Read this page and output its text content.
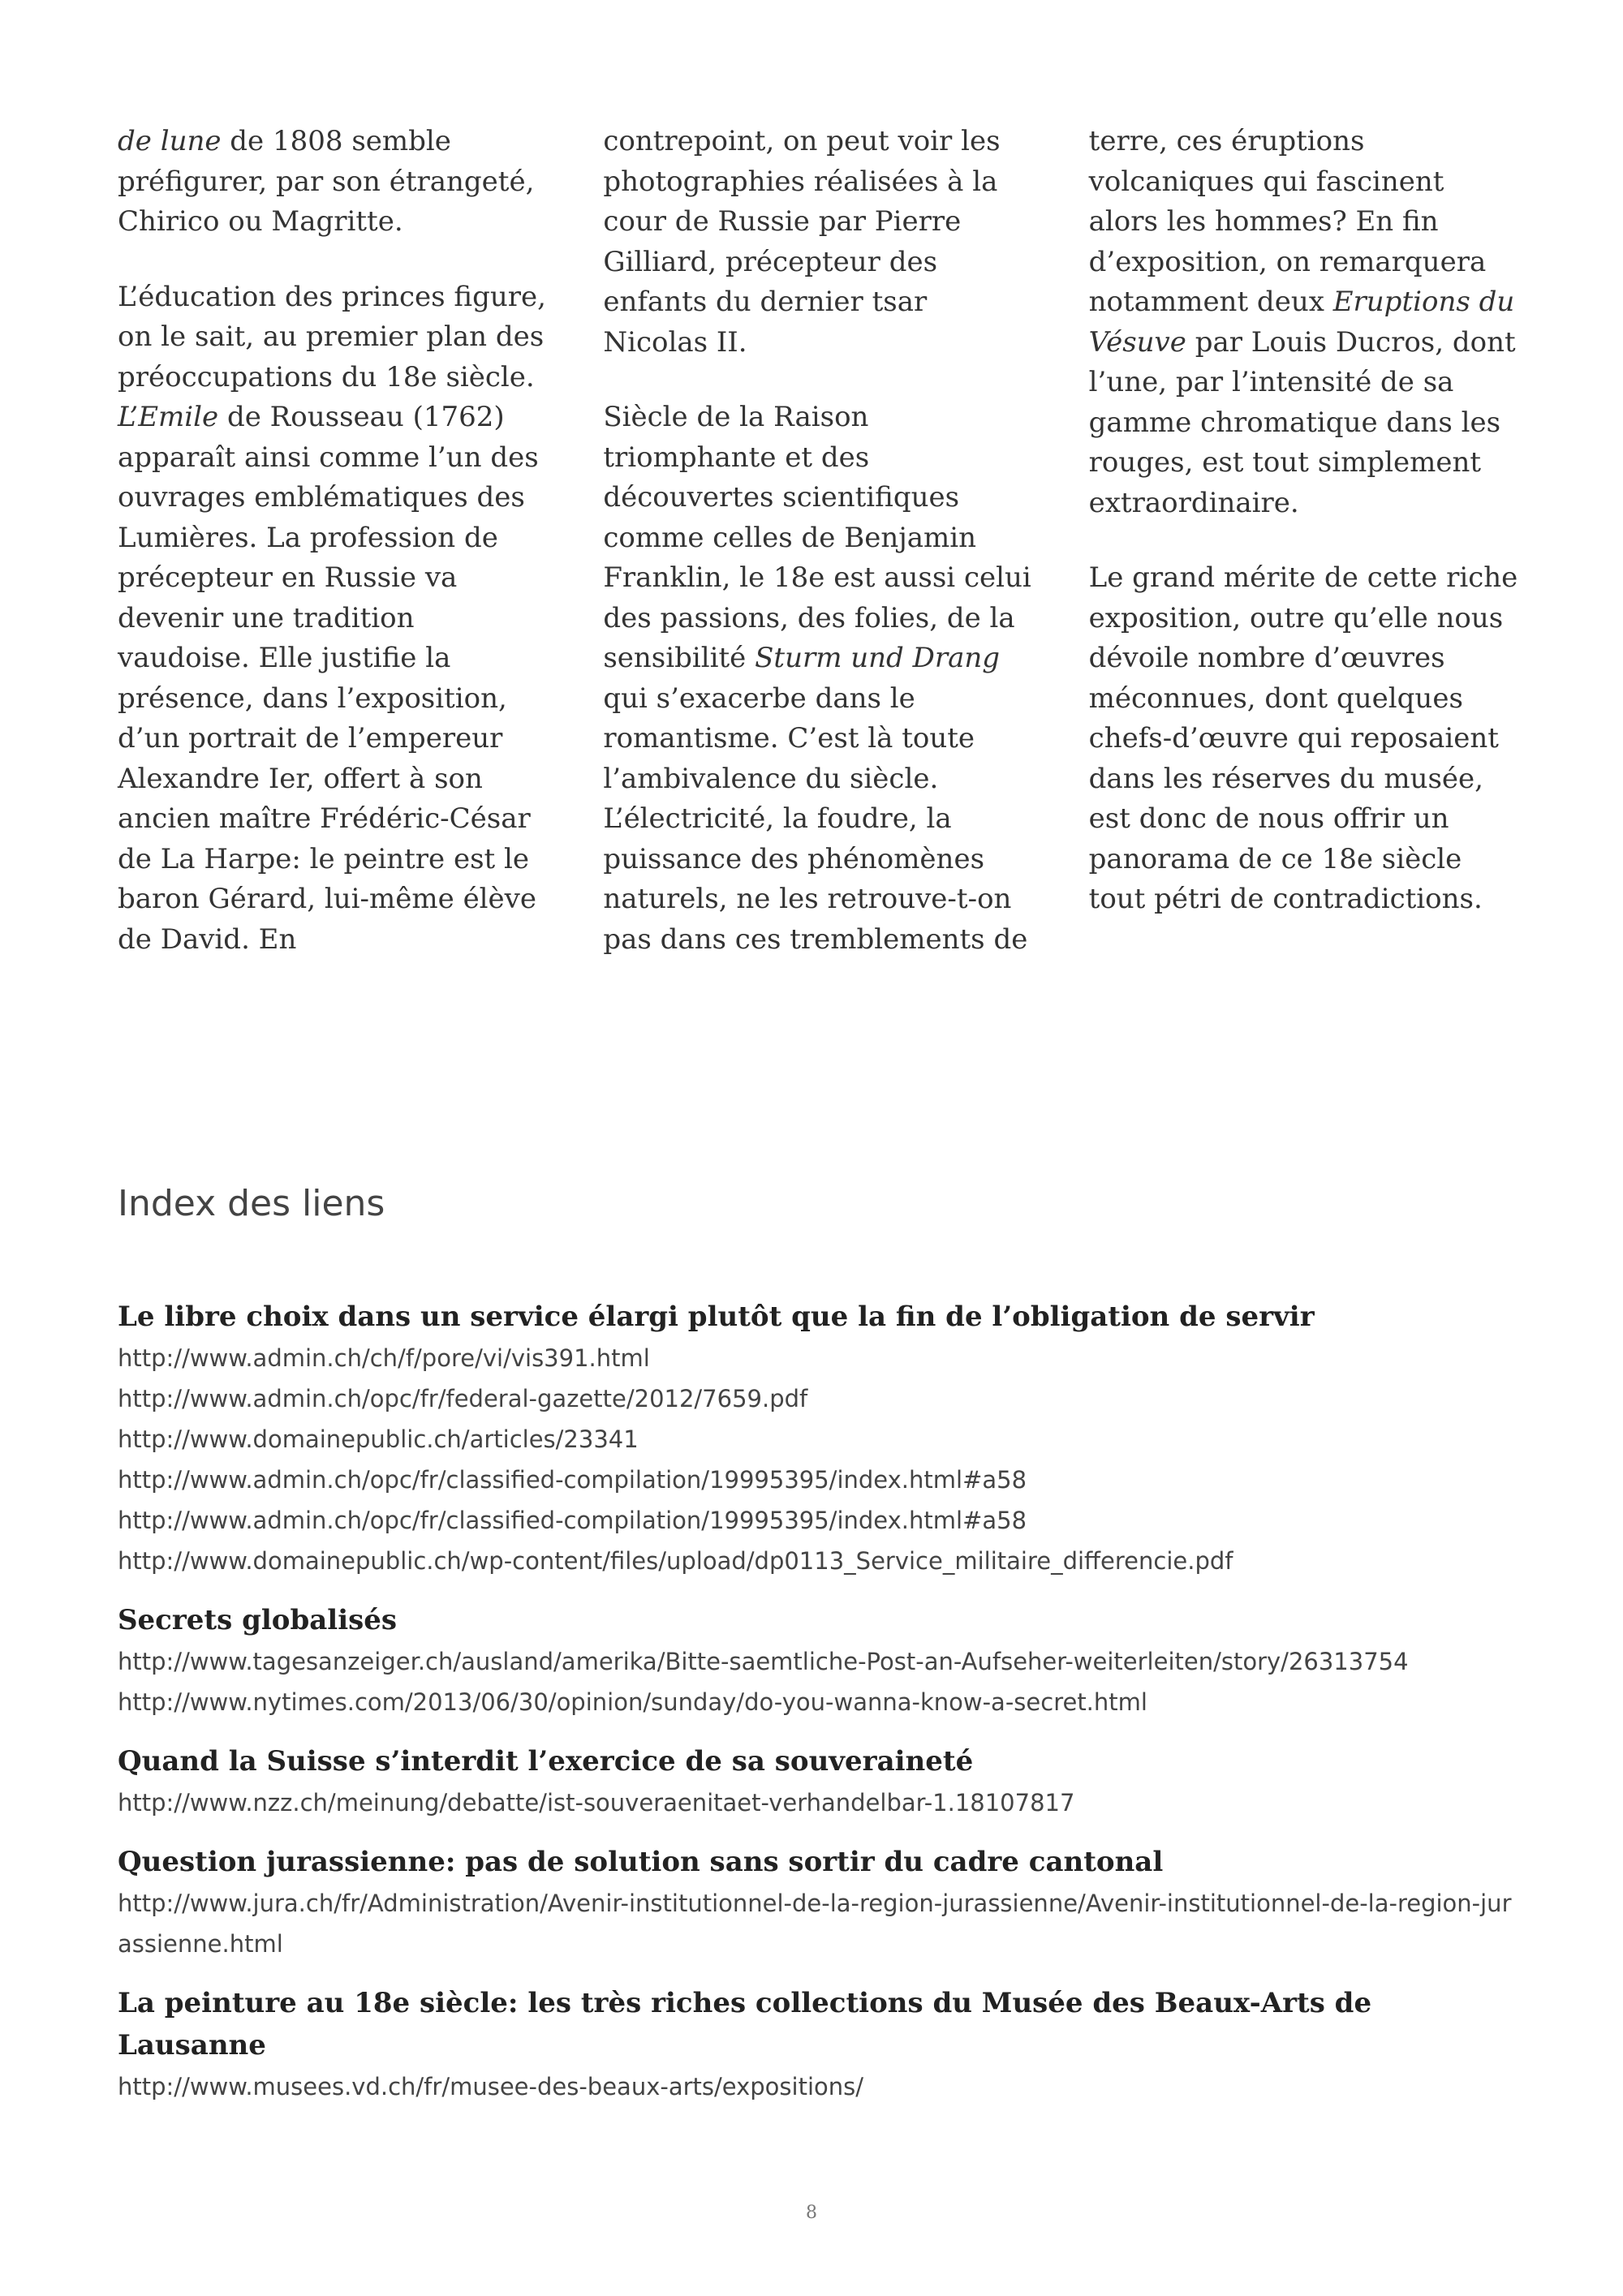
de lune de 1808 semble préfigurer, par son étrangeté, Chirico ou Magritte.

L’éducation des princes figure, on le sait, au premier plan des préoccupations du 18e siècle. L’Emile de Rousseau (1762) apparaît ainsi comme l’un des ouvrages emblématiques des Lumières. La profession de précepteur en Russie va devenir une tradition vaudoise. Elle justifie la présence, dans l’exposition, d’un portrait de l’empereur Alexandre Ier, offert à son ancien maître Frédéric-César de La Harpe: le peintre est le baron Gérard, lui-même élève de David. En

contrepoint, on peut voir les photographies réalisées à la cour de Russie par Pierre Gilliard, précepteur des enfants du dernier tsar Nicolas II.

Siècle de la Raison triomphante et des découvertes scientifiques comme celles de Benjamin Franklin, le 18e est aussi celui des passions, des folies, de la sensibilité Sturm und Drang qui s’exacerbe dans le romantisme. C’est là toute l’ambivalence du siècle. L’électricité, la foudre, la puissance des phénomènes naturels, ne les retrouve-t-on pas dans ces tremblements de

terre, ces éruptions volcaniques qui fascinent alors les hommes? En fin d’exposition, on remarquera notamment deux Eruptions du Vésuve par Louis Ducros, dont l’une, par l’intensité de sa gamme chromatique dans les rouges, est tout simplement extraordinaire.

Le grand mérite de cette riche exposition, outre qu’elle nous dévoile nombre d’œuvres méconnues, dont quelques chefs-d’œuvre qui reposaient dans les réserves du musée, est donc de nous offrir un panorama de ce 18e siècle tout pétri de contradictions.

Index des liens
Le libre choix dans un service élargi plutôt que la fin de l’obligation de servir
http://www.admin.ch/ch/f/pore/vi/vis391.html
http://www.admin.ch/opc/fr/federal-gazette/2012/7659.pdf
http://www.domainepublic.ch/articles/23341
http://www.admin.ch/opc/fr/classified-compilation/19995395/index.html#a58
http://www.admin.ch/opc/fr/classified-compilation/19995395/index.html#a58
http://www.domainepublic.ch/wp-content/files/upload/dp0113_Service_militaire_differencie.pdf
Secrets globalisés
http://www.tagesanzeiger.ch/ausland/amerika/Bitte-saemtliche-Post-an-Aufseher-weiterleiten/story/26313754
http://www.nytimes.com/2013/06/30/opinion/sunday/do-you-wanna-know-a-secret.html
Quand la Suisse s’interdit l’exercice de sa souveraineté
http://www.nzz.ch/meinung/debatte/ist-souveraenitaet-verhandelbar-1.18107817
Question jurassienne: pas de solution sans sortir du cadre cantonal
http://www.jura.ch/fr/Administration/Avenir-institutionnel-de-la-region-jurassienne/Avenir-institutionnel-de-la-region-jurassienne.html
La peinture au 18e siècle: les très riches collections du Musée des Beaux-Arts de Lausanne
http://www.musees.vd.ch/fr/musee-des-beaux-arts/expositions/
8
